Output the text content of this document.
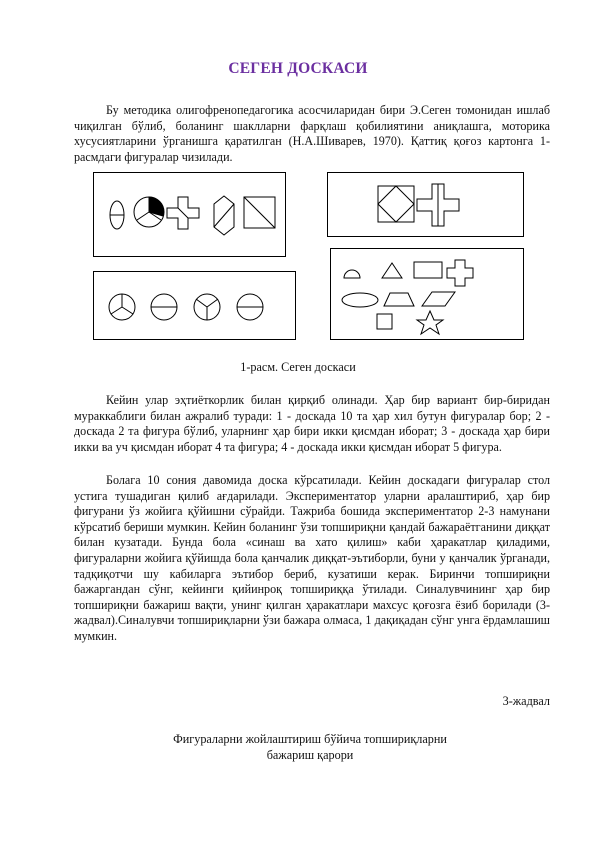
СЕГЕН ДОСКАСИ

Бу методика олигофренопедагогика асосчиларидан бири Э.Сеген томонидан ишлаб чиқилган бўлиб, боланинг шаклларни фарқлаш қобилиятини аниқлашга, моторика хусусиятларини ўрганишга қаратилган (Н.А.Шиварев, 1970). Қаттиқ қоғоз картонга 1-расмдаги фигуралар чизилади.

1-расм. Сеген доскаси

Кейин улар эҳтиёткорлик билан қирқиб олинади. Ҳар бир вариант бир-биридан мураккаблиги билан ажралиб туради: 1 - доскада 10 та ҳар хил бутун фигуралар бор; 2 - доскада 2 та фигура бўлиб, уларнинг ҳар бири икки қисмдан иборат; 3 - доскада ҳар бири икки ва уч қисмдан иборат 4 та фигура; 4 - доскада икки қисмдан иборат 5 фигура.

Болага 10 сония давомида доска кўрсатилади. Кейин доскадаги фигуралар стол устига тушадиган қилиб ағдарилади. Экспериментатор уларни аралаштириб, ҳар бир фигурани ўз жойига қўйишни сўрайди. Тажриба бошида экспериментатор 2-3 намунани кўрсатиб бериши мумкин. Кейин боланинг ўзи топшириқни қандай бажараётганини диққат билан кузатади. Бунда бола «синаш ва хато қилиш» каби ҳаракатлар қиладими, фигураларни жойига қўйишда бола қанчалик диққат-эътиборли, буни у қанчалик ўрганади, тадқиқотчи шу кабиларга эътибор бериб, кузатиши керак. Биринчи топшириқни бажаргандан сўнг, кейинги қийинроқ топшириққа ўтилади. Синалувчининг ҳар бир топшириқни бажариш вақти, унинг қилган ҳаракатлари махсус қоғозга ёзиб борилади (3-жадвал).Синалувчи топшириқларни ўзи бажара олмаса, 1 дақиқадан сўнг унга ёрдамлашиш мумкин.

3-жадвал
Фигураларни жойлаштириш бўйича топшириқларни
бажариш қарори
